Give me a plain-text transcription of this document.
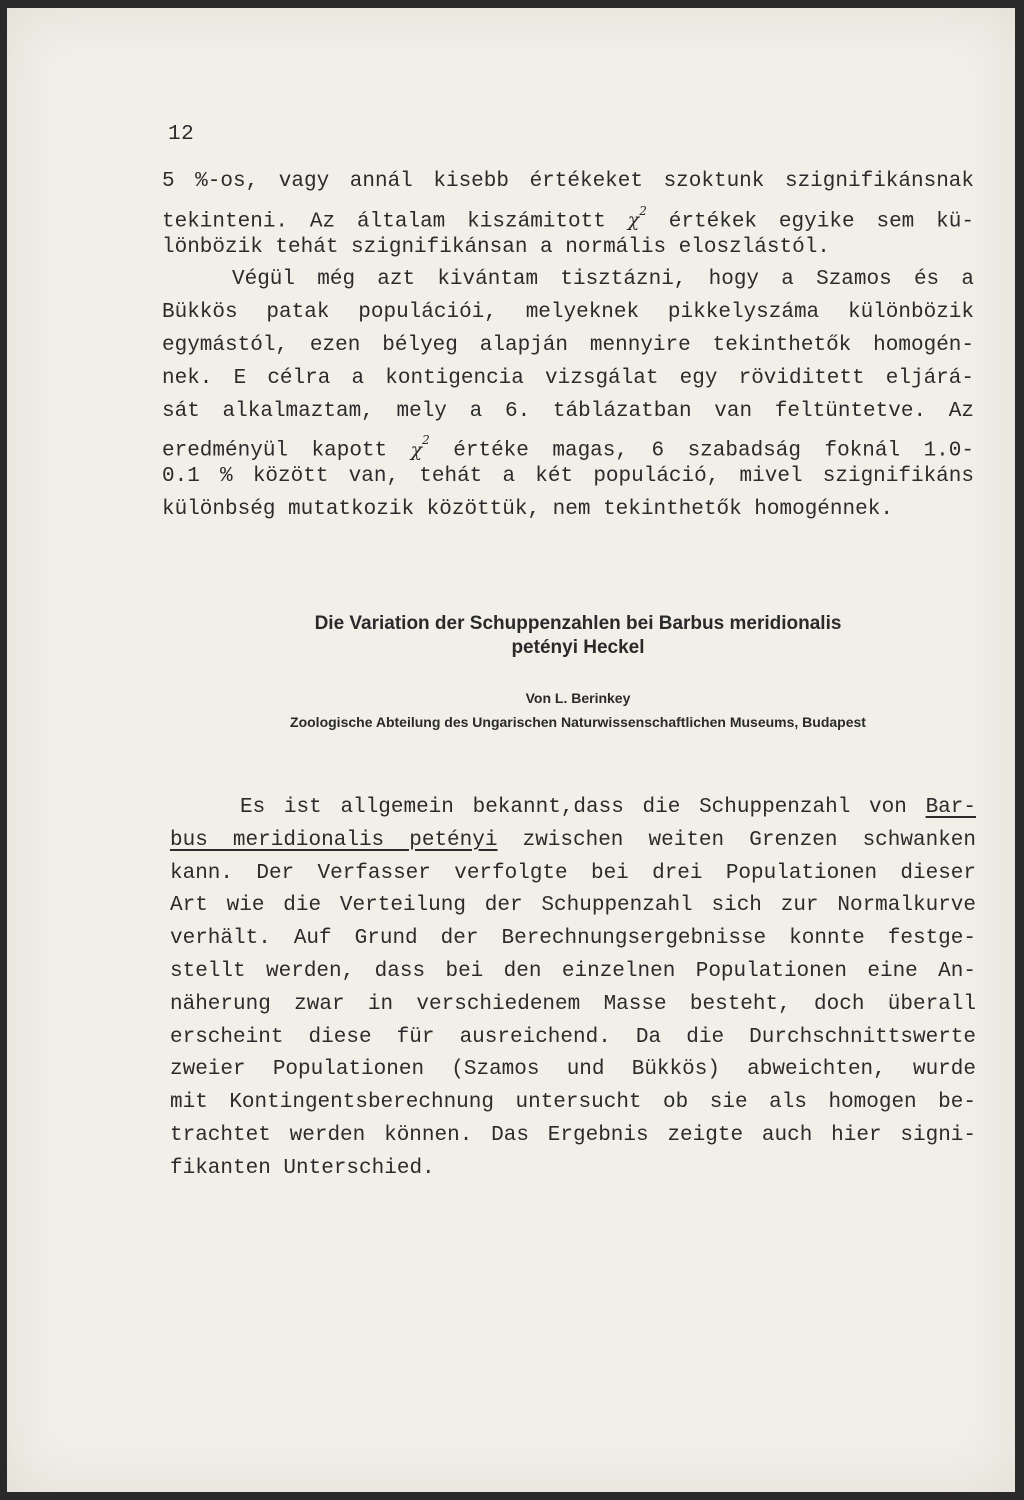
12
5 %-os, vagy annál kisebb értékeket szoktunk szignifikánsnak
tekinteni. Az általam kiszámitott $\chi^2$ értékek egyike sem kü-
lönbözik tehát szignifikánsan a normális eloszlástól.
Végül még azt kivántam tisztázni, hogy a Szamos és a
Bükkös patak populációi, melyeknek pikkelyszáma különbözik
egymástól, ezen bélyeg alapján mennyire tekinthetők homogén-
nek. E célra a kontigencia vizsgálat egy röviditett eljárá-
sát alkalmaztam, mely a 6. táblázatban van feltüntetve. Az
eredményül kapott $\chi^2$ értéke magas, 6 szabadság foknál 1.0-
0.1 % között van, tehát a két populáció, mivel szignifikáns
különbség mutatkozik közöttük, nem tekinthetők homogénnek.
Die Variation der Schuppenzahlen bei Barbus meridionalis
petényi Heckel
Von L. Berinkey
Zoologische Abteilung des Ungarischen Naturwissenschaftlichen Museums, Budapest
Es ist allgemein bekannt,dass die Schuppenzahl von Bar-
bus meridionalis petényi zwischen weiten Grenzen schwanken
kann. Der Verfasser verfolgte bei drei Populationen dieser
Art wie die Verteilung der Schuppenzahl sich zur Normalkurve
verhält. Auf Grund der Berechnungsergebnisse konnte festge-
stellt werden, dass bei den einzelnen Populationen eine An-
näherung zwar in verschiedenem Masse besteht, doch überall
erscheint diese für ausreichend. Da die Durchschnittswerte
zweier Populationen (Szamos und Bükkös) abweichten, wurde
mit Kontingentsberechnung untersucht ob sie als homogen be-
trachtet werden können. Das Ergebnis zeigte auch hier signi-
fikanten Unterschied.
